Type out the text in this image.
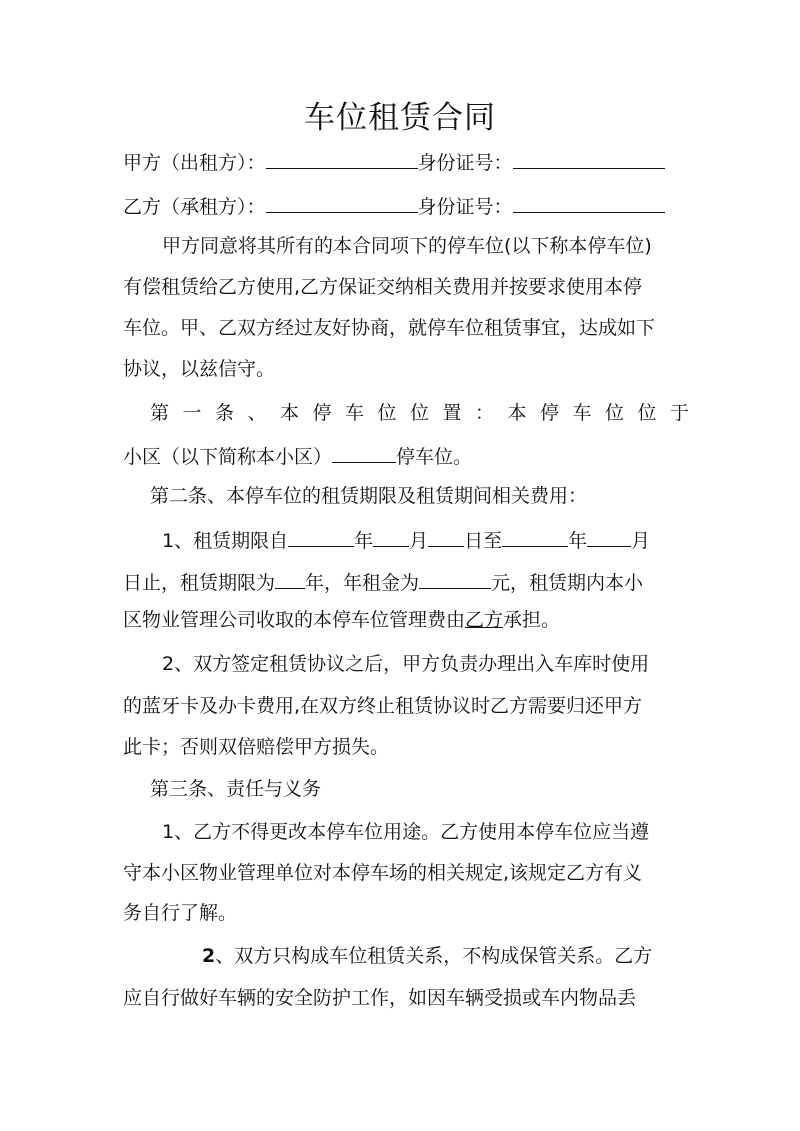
车位租赁合同
甲方（出租方）：	身份证号：
乙方（承租方）：	身份证号：
甲方同意将其所有的本合同项下的停车位(以下称本停车位)
有偿租赁给乙方使用,乙方保证交纳相关费用并按要求使用本停
车位。甲、乙双方经过友好协商，就停车位租赁事宜，达成如下
协议，以兹信守。
第一条、本停车位位置：本停车位位于
小区（以下简称本小区）	停车位。
第二条、本停车位的租赁期限及租赁期间相关费用：
1、租赁期限自	年 月 日至	年 月
日止，租赁期限为 年，年租金为	元，租赁期内本小
区物业管理公司收取的本停车位管理费由乙方承担。
2、双方签定租赁协议之后，甲方负责办理出入车库时使用
的蓝牙卡及办卡费用,在双方终止租赁协议时乙方需要归还甲方
此卡；否则双倍赔偿甲方损失。
第三条、责任与义务
1、乙方不得更改本停车位用途。乙方使用本停车位应当遵
守本小区物业管理单位对本停车场的相关规定,该规定乙方有义
务自行了解。
2、双方只构成车位租赁关系，不构成保管关系。乙方
应自行做好车辆的安全防护工作，如因车辆受损或车内物品丢
